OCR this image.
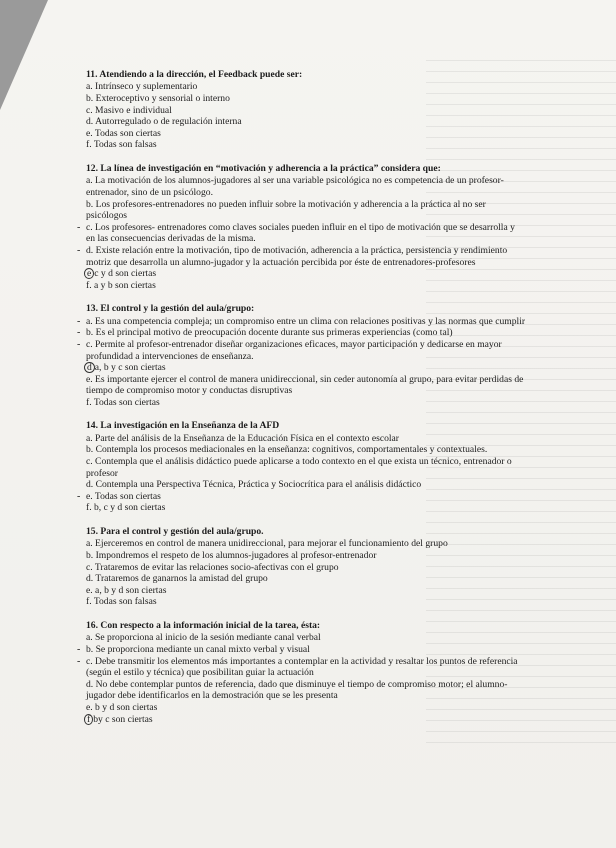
11. Atendiendo a la dirección, el Feedback puede ser:
a. Intrínseco y suplementario
b. Exteroceptivo y sensorial o interno
c. Masivo e individual
d. Autorregulado o de regulación interna
e. Todas son ciertas
f. Todas son falsas
12. La línea de investigación en “motivación y adherencia a la práctica” considera que:
a. La motivación de los alumnos-jugadores al ser una variable psicológica no es competencia de un profesor- entrenador, sino de un psicólogo.
b. Los profesores-entrenadores no pueden influir sobre la motivación y adherencia a la práctica al no ser psicólogos
- c. Los profesores- entrenadores como claves sociales pueden influir en el tipo de motivación que se desarrolla y en las consecuencias derivadas de la misma.
- d. Existe relación entre la motivación, tipo de motivación, adherencia a la práctica, persistencia y rendimiento motriz que desarrolla un alumno-jugador y la actuación percibida por éste de entrenadores-profesores
e c y d son ciertas
f. a y b son ciertas
13. El control y la gestión del aula/grupo:
- a. Es una competencia compleja; un compromiso entre un clima con relaciones positivas y las normas que cumplir
- b. Es el principal motivo de preocupación docente durante sus primeras experiencias (como tal)
- c. Permite al profesor-entrenador diseñar organizaciones eficaces, mayor participación y dedicarse en mayor profundidad a intervenciones de enseñanza.
d a, b y c son ciertas
e. Es importante ejercer el control de manera unidireccional, sin ceder autonomía al grupo, para evitar perdidas de tiempo de compromiso motor y conductas disruptivas
f. Todas son ciertas
14. La investigación en la Enseñanza de la AFD
a. Parte del análisis de la Enseñanza de la Educación Física en el contexto escolar
b. Contempla los procesos mediacionales en la enseñanza: cognitivos, comportamentales y contextuales.
c. Contempla que el análisis didáctico puede aplicarse a todo contexto en el que exista un técnico, entrenador o profesor
d. Contempla una Perspectiva Técnica, Práctica y Sociocrítica para el análisis didáctico
- e. Todas son ciertas
f. b, c y d son ciertas
15. Para el control y gestión del aula/grupo.
a. Ejerceremos en control de manera unidireccional, para mejorar el funcionamiento del grupo
b. Impondremos el respeto de los alumnos-jugadores al profesor-entrenador
c. Trataremos de evitar las relaciones socio-afectivas con el grupo
d. Trataremos de ganarnos la amistad del grupo
e. a, b y d son ciertas
f. Todas son falsas
16. Con respecto a la información inicial de la tarea, ésta:
a. Se proporciona al inicio de la sesión mediante canal verbal
- b. Se proporciona mediante un canal mixto verbal y visual
- c. Debe transmitir los elementos más importantes a contemplar en la actividad y resaltar los puntos de referencia (según el estilo y técnica) que posibilitan guiar la actuación
d. No debe contemplar puntos de referencia, dado que disminuye el tiempo de compromiso motor; el alumno-jugador debe identificarlos en la demostración que se les presenta
e. b y d son ciertas
f by c son ciertas
